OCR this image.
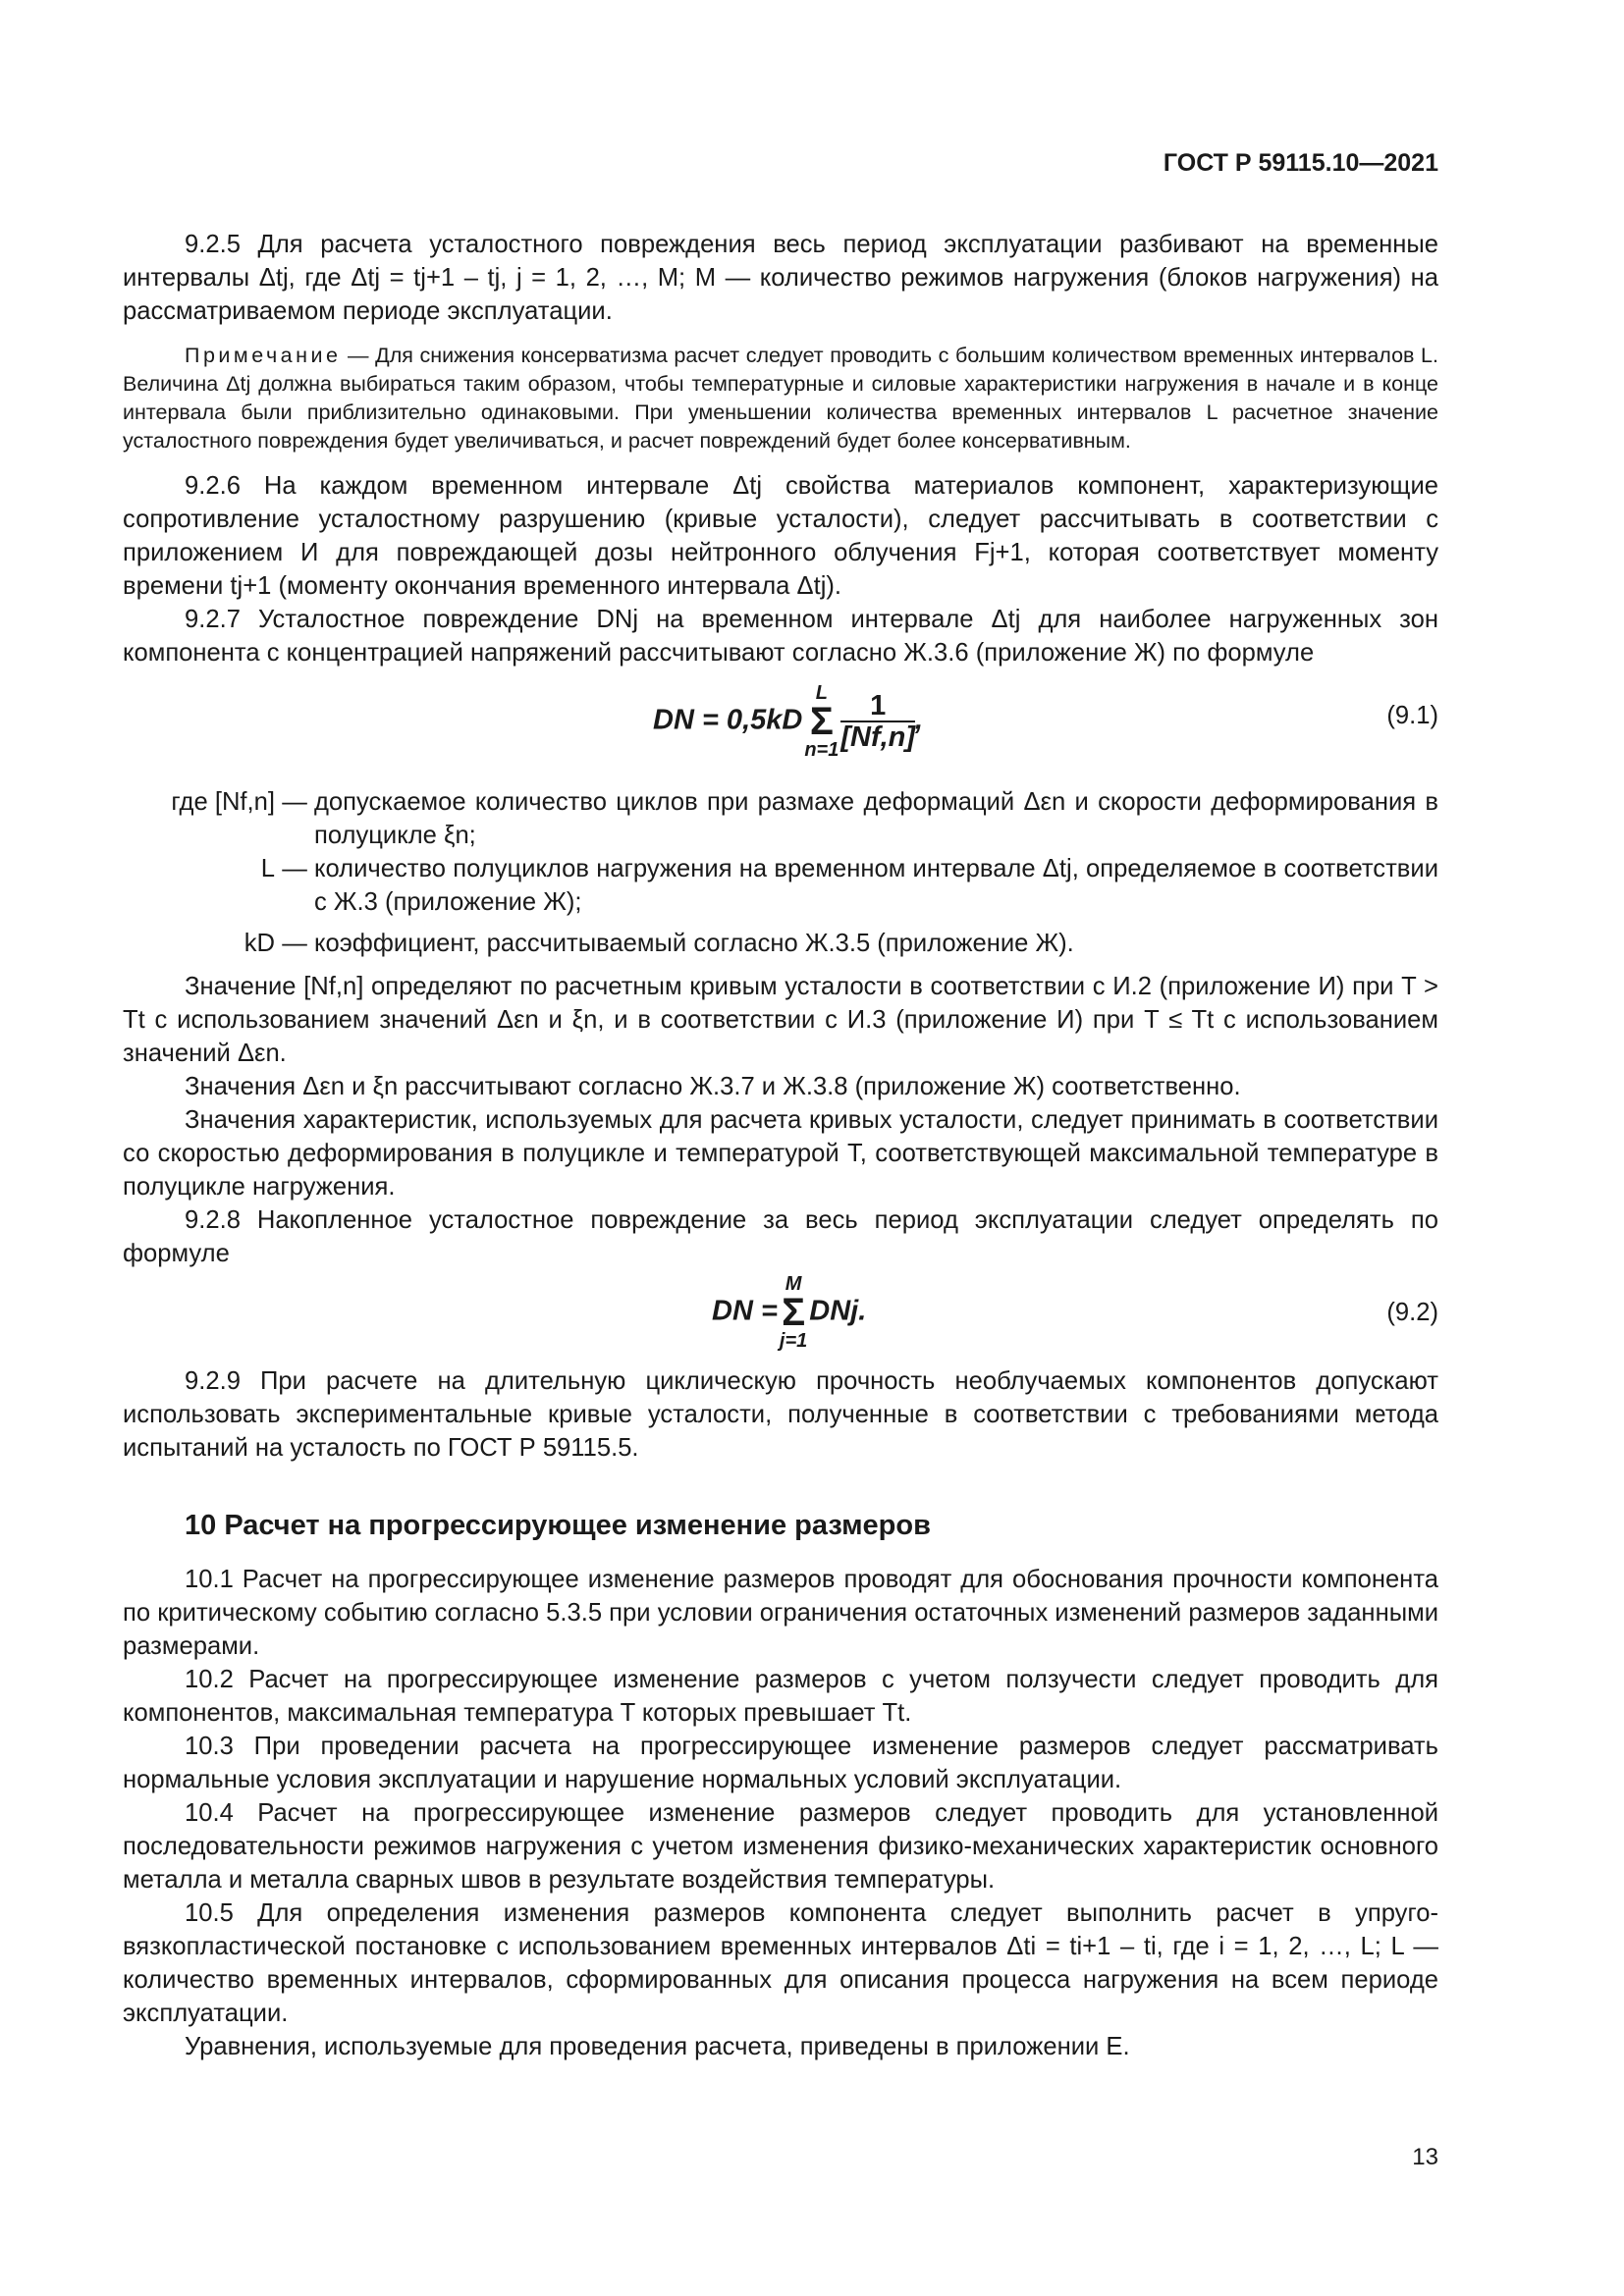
ГОСТ Р 59115.10—2021

9.2.5 Для расчета усталостного повреждения весь период эксплуатации разбивают на временные интервалы Δtj, где Δtj = tj+1 – tj, j = 1, 2, …, M; M — количество режимов нагружения (блоков нагружения) на рассматриваемом периоде эксплуатации.

Примечание — Для снижения консерватизма расчет следует проводить с большим количеством временных интервалов L. Величина Δtj должна выбираться таким образом, чтобы температурные и силовые характеристики нагружения в начале и в конце интервала были приблизительно одинаковыми. При уменьшении количества временных интервалов L расчетное значение усталостного повреждения будет увеличиваться, и расчет повреждений будет более консервативным.

9.2.6 На каждом временном интервале Δtj свойства материалов компонент, характеризующие сопротивление усталостному разрушению (кривые усталости), следует рассчитывать в соответствии с приложением И для повреждающей дозы нейтронного облучения Fj+1, которая соответствует моменту времени tj+1 (моменту окончания временного интервала Δtj).

9.2.7 Усталостное повреждение DNj на временном интервале Δtj для наиболее нагруженных зон компонента с концентрацией напряжений рассчитывают согласно Ж.3.6 (приложение Ж) по формуле

DN = 0,5kD
L
Σ
$n=1 \frac{1}{[Nf,n]}$ ,	(9.1)
где [Nf,n] — допускаемое количество циклов при размахе деформаций Δεn и скорости деформирования в полуцикле ξn;
L — количество полуциклов нагружения на временном интервале Δtj, определяемое в соответствии с Ж.3 (приложение Ж);
kD — коэффициент, рассчитываемый согласно Ж.3.5 (приложение Ж).

Значение [Nf,n] определяют по расчетным кривым усталости в соответствии с И.2 (приложение И) при T > Tt с использованием значений Δεn и ξn, и в соответствии с И.3 (приложение И) при T ≤ Tt с использованием значений Δεn.

Значения Δεn и ξn рассчитывают согласно Ж.3.7 и Ж.3.8 (приложение Ж) соответственно.

Значения характеристик, используемых для расчета кривых усталости, следует принимать в соответствии со скоростью деформирования в полуцикле и температурой T, соответствующей максимальной температуре в полуцикле нагружения.

9.2.8 Накопленное усталостное повреждение за весь период эксплуатации следует определять по формуле

DN =
M
Σ
j=1
DNj.	(9.2)

9.2.9 При расчете на длительную циклическую прочность необлучаемых компонентов допускают использовать экспериментальные кривые усталости, полученные в соответствии с требованиями метода испытаний на усталость по ГОСТ Р 59115.5.

10 Расчет на прогрессирующее изменение размеров

10.1 Расчет на прогрессирующее изменение размеров проводят для обоснования прочности компонента по критическому событию согласно 5.3.5 при условии ограничения остаточных изменений размеров заданными размерами.

10.2 Расчет на прогрессирующее изменение размеров с учетом ползучести следует проводить для компонентов, максимальная температура T которых превышает Tt.

10.3 При проведении расчета на прогрессирующее изменение размеров следует рассматривать нормальные условия эксплуатации и нарушение нормальных условий эксплуатации.

10.4 Расчет на прогрессирующее изменение размеров следует проводить для установленной последовательности режимов нагружения с учетом изменения физико-механических характеристик основного металла и металла сварных швов в результате воздействия температуры.

10.5 Для определения изменения размеров компонента следует выполнить расчет в упруго-вязкопластической постановке с использованием временных интервалов Δti = ti+1 – ti, где i = 1, 2, …, L; L — количество временных интервалов, сформированных для описания процесса нагружения на всем периоде эксплуатации.

Уравнения, используемые для проведения расчета, приведены в приложении Е.

13
